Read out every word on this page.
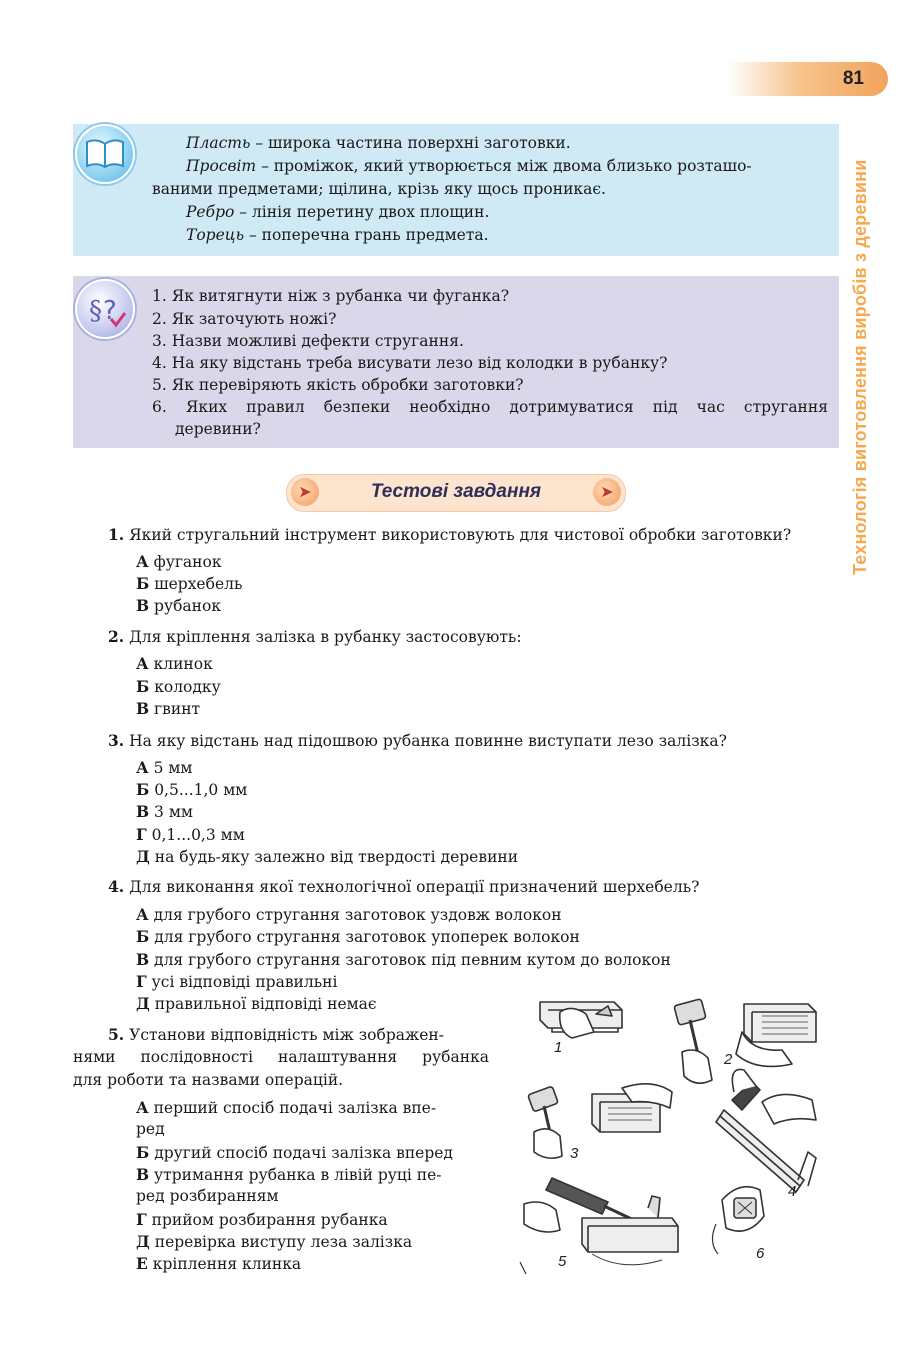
81
Технологія виготовлення виробів з деревини
Пласть – широка частина поверхні заготовки.
Просвіт – проміжок, який утворюється між двома близько розташо-
ваними предметами; щілина, крізь яку щось проникає.
Ребро – лінія перетину двох площин.
Торець – поперечна грань предмета.
§ ? 1. Як витягнути ніж з рубанка чи фуганка?
2. Як заточують ножі?
3. Назви можливі дефекти стругання.
4. На яку відстань треба висувати лезо від колодки в рубанку?
5. Як перевіряють якість обробки заготовки?
6. Яких правил безпеки необхідно дотримуватися під час стругання
деревини?
➤	Тестові завдання	➤
1. Який стругальний інструмент використовують для чистової обробки заготовки?
А фуганок
Б шерхебель
В рубанок
2. Для кріплення залізка в рубанку застосовують:
А клинок
Б колодку
В гвинт
3. На яку відстань над підошвою рубанка повинне виступати лезо залізка?
А 5 мм
Б 0,5...1,0 мм
В 3 мм
Г 0,1...0,3 мм
Д на будь-яку залежно від твердості деревини
4. Для виконання якої технологічної операції призначений шерхебель?
А для грубого стругання заготовок уздовж волокон
Б для грубого стругання заготовок упоперек волокон
В для грубого стругання заготовок під певним кутом до волокон
Г усі відповіді правильні
Д правильної відповіді немає
5. Установи відповідність між зображен-
нями послідовності налаштування рубанка
для роботи та назвами операцій.
А перший спосіб подачі залізка впе-
ред
Б другий спосіб подачі залізка вперед
В утримання рубанка в лівій руці пе-
ред розбиранням
Г прийом розбирання рубанка
Д перевірка виступу леза залізка
Е кріплення клинка
1
2
3
4
5	6
